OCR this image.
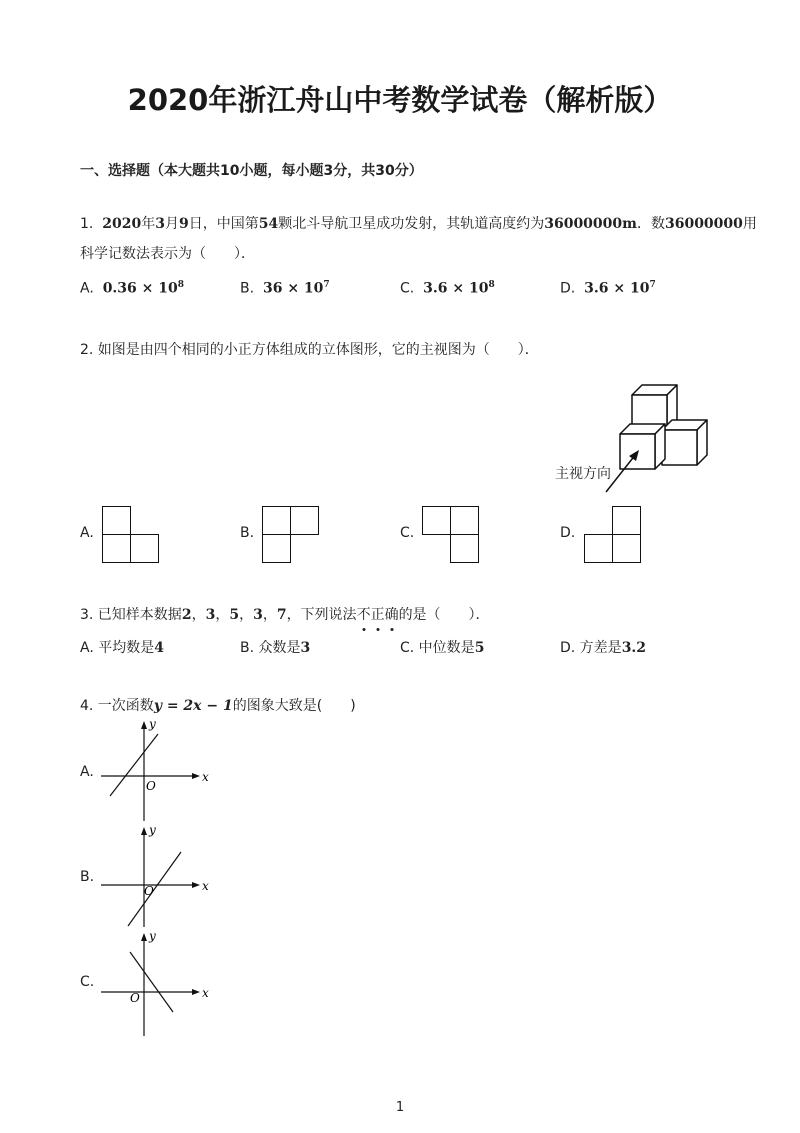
2020年浙江舟山中考数学试卷（解析版）
一、选择题（本大题共10小题，每小题3分，共30分）
1. 2020年3月9日，中国第54颗北斗导航卫星成功发射，其轨道高度约为36000000m．数36000000用
科学记数法表示为（　　）．
A. $0.36 \times 10^8$	B. $36 \times 10^7$	C. $3.6 \times 10^8$	D. $3.6 \times 10^7$
2. 如图是由四个相同的小正方体组成的立体图形，它的主视图为（　　）．
主视方向
A.	B.	C.	D.
3. 已知样本数据2，3，5，3，7，下列说法不
正
确
的是（　　）．
A. 平均数是4	B. 众数是3	C. 中位数是5	D. 方差是3.2
4. 一次函数y = 2x − 1的图象大致是(　　)
A.	x
y
O
B.
x
y
O
C.
x
y
O
1
